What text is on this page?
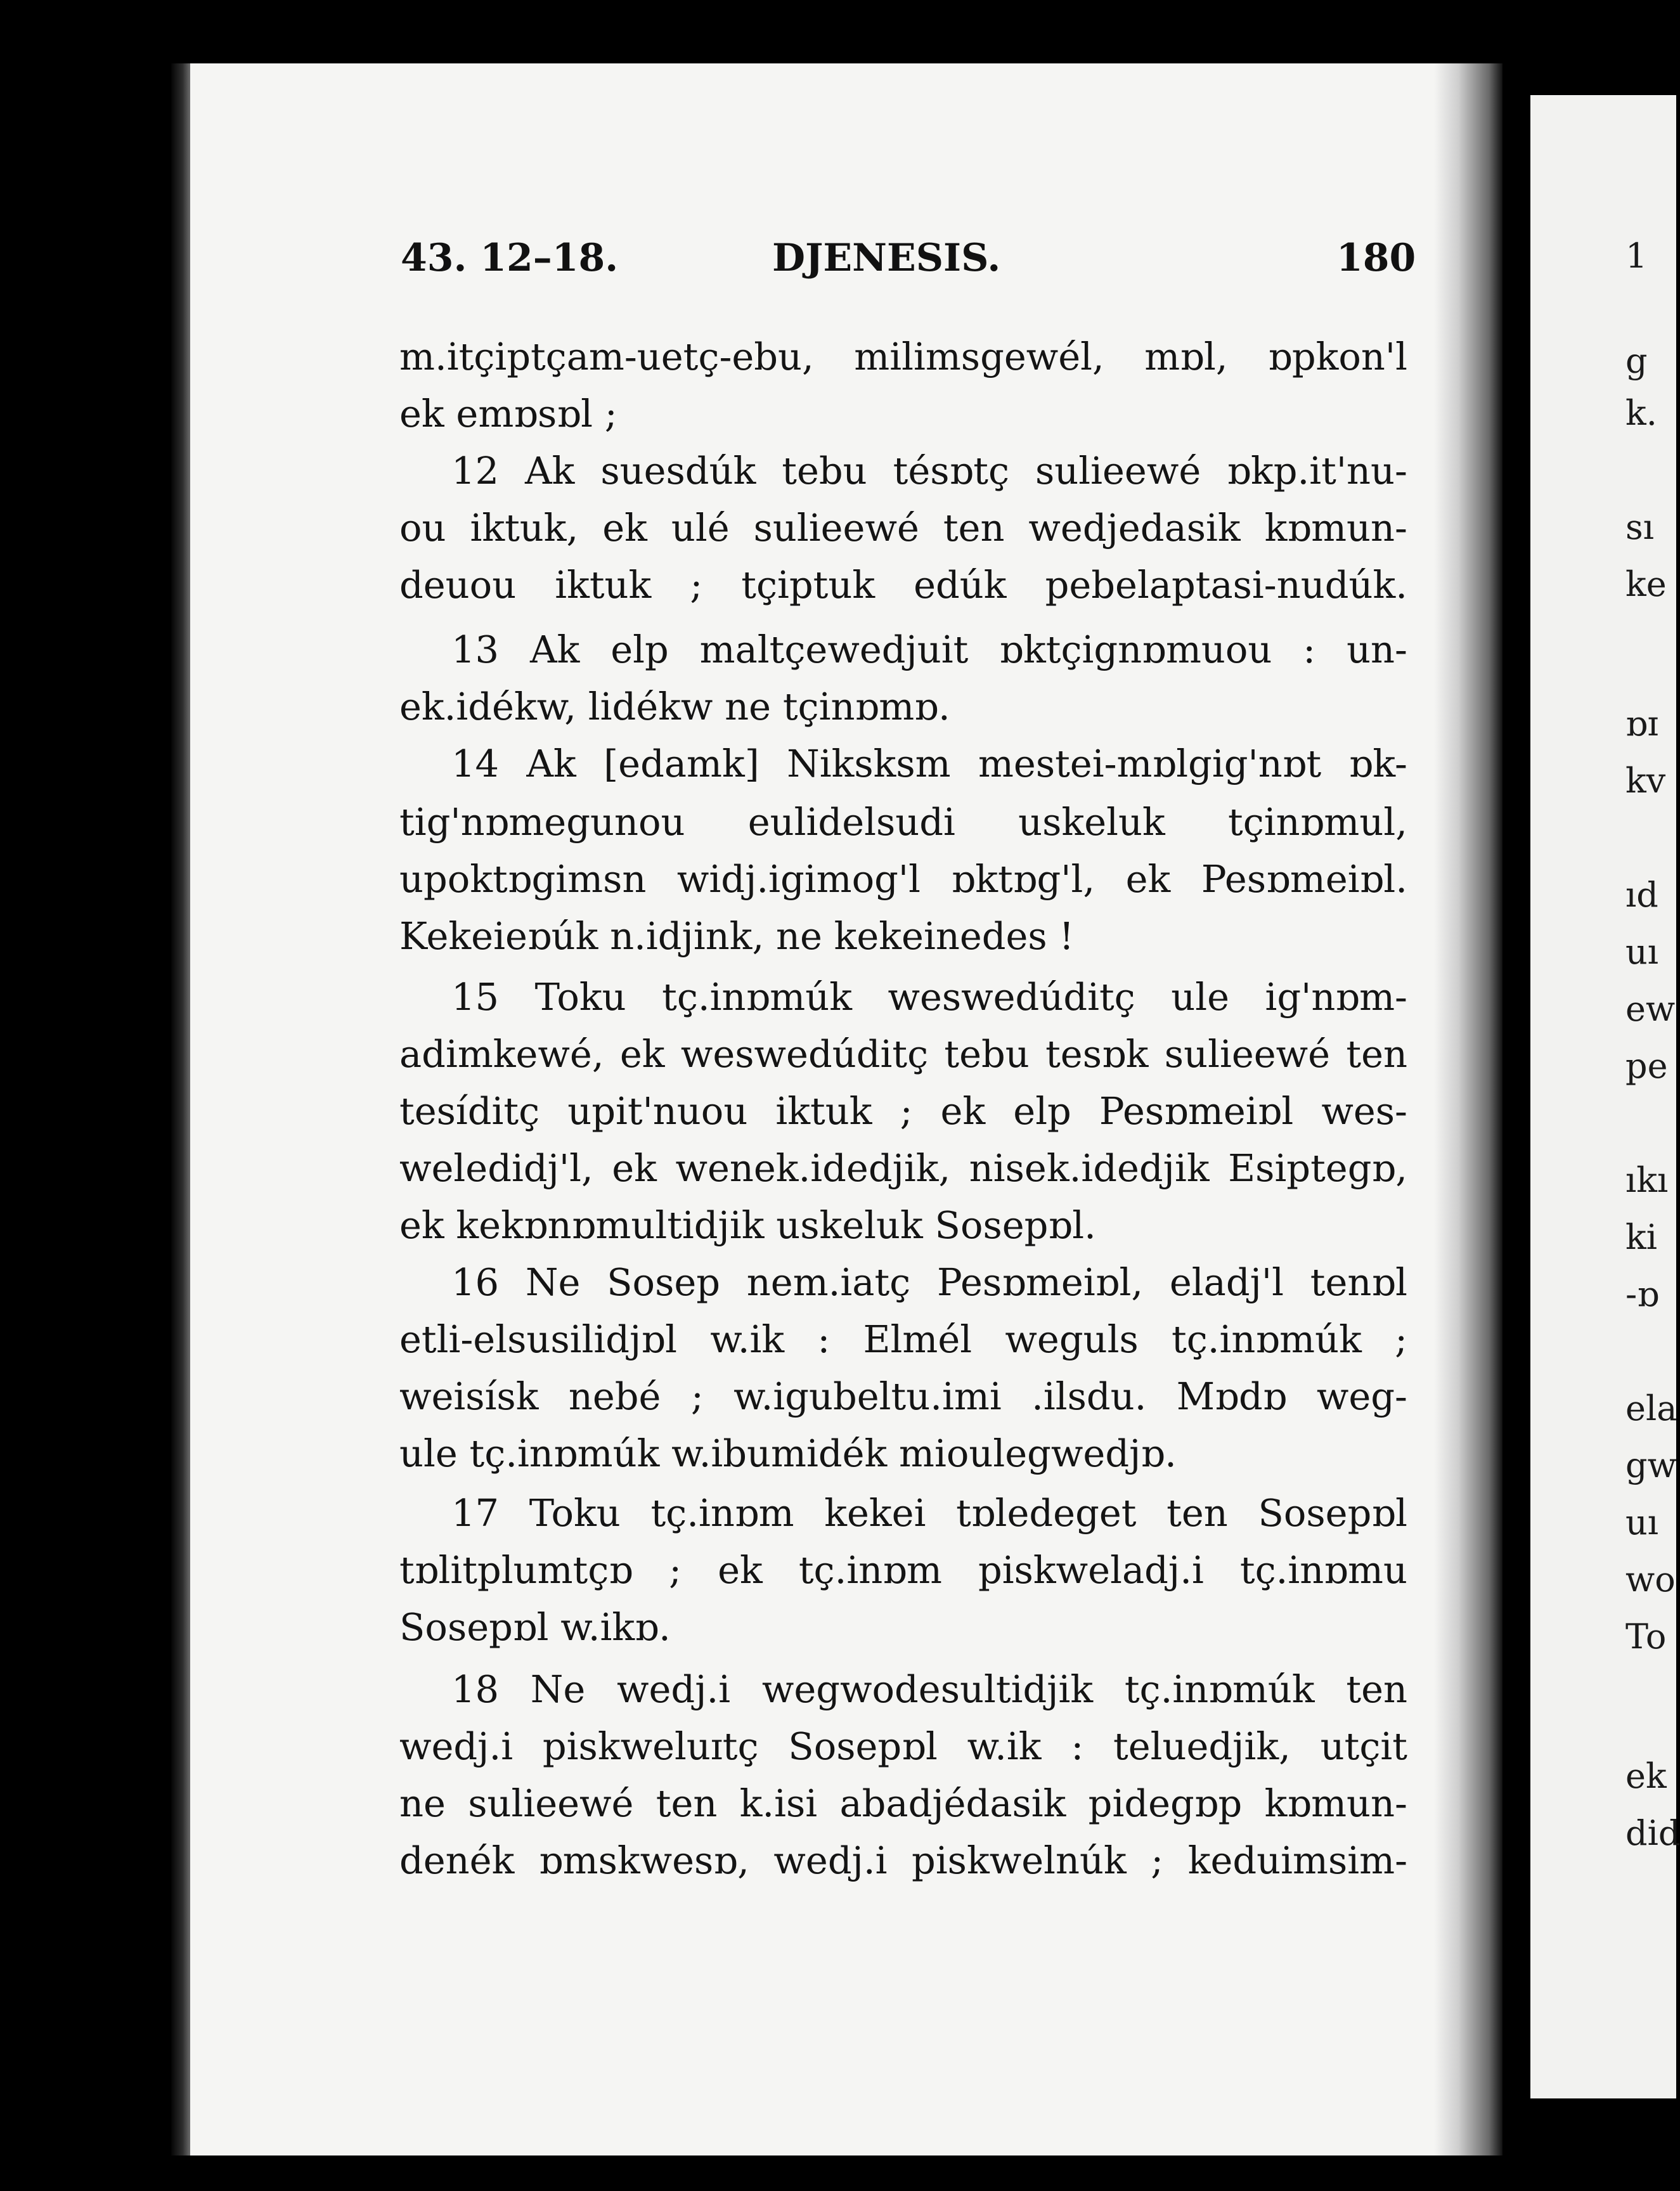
1
g
k.
sı
ke
ɒɪ
kv
ıd
uı
ew
pe
ıkı
ki
-ɒ
ela
gw
uı
wo
To
ek
did
43. 12–18.	DJENESIS.	180
m.itçiptçam-uetç-ebu, milimsgewél, mɒl, ɒpkon'l
ek emɒsɒl ;
12 Ak suesdúk tebu tésɒtç sulieewé ɒkp.it'nu-
ou iktuk, ek ulé sulieewé ten wedjedasik kɒmun-
deuou iktuk ; tçiptuk edúk pebelaptasi-nudúk.
13 Ak elp maltçewedjuit ɒktçignɒmuou : un-
ek.idékw, lidékw ne tçinɒmɒ.
14 Ak [edamk] Niksksm mestei-mɒlgig'nɒt ɒk-
tig'nɒmegunou eulidelsudi uskeluk tçinɒmul,
upoktɒgimsn widj.igimog'l ɒktɒg'l, ek Pesɒmeiɒl.
Kekeieɒúk n.idjink, ne kekeinedes !
15 Toku tç.inɒmúk weswedúditç ule ig'nɒm-
adimkewé, ek weswedúditç tebu tesɒk sulieewé ten
tesíditç upit'nuou iktuk ; ek elp Pesɒmeiɒl wes-
weledidj'l, ek wenek.idedjik, nisek.idedjik Esiptegɒ,
ek kekɒnɒmultidjik uskeluk Sosepɒl.
16 Ne Sosep nem.iatç Pesɒmeiɒl, eladj'l tenɒl
etli-elsusilidjɒl w.ik : Elmél weguls tç.inɒmúk ;
weisísk nebé ; w.igubeltu.imi .ilsdu. Mɒdɒ weg-
ule tç.inɒmúk w.ibumidék mioulegwedjɒ.
17 Toku tç.inɒm kekei tɒledeget ten Sosepɒl
tɒlitplumtçɒ ; ek tç.inɒm piskweladj.i tç.inɒmu
Sosepɒl w.ikɒ.
18 Ne wedj.i wegwodesultidjik tç.inɒmúk ten
wedj.i piskweluɪtç Sosepɒl w.ik : teluedjik, utçit
ne sulieewé ten k.isi abadjédasik pidegɒp kɒmun-
denék ɒmskwesɒ, wedj.i piskwelnúk ; keduimsim-
